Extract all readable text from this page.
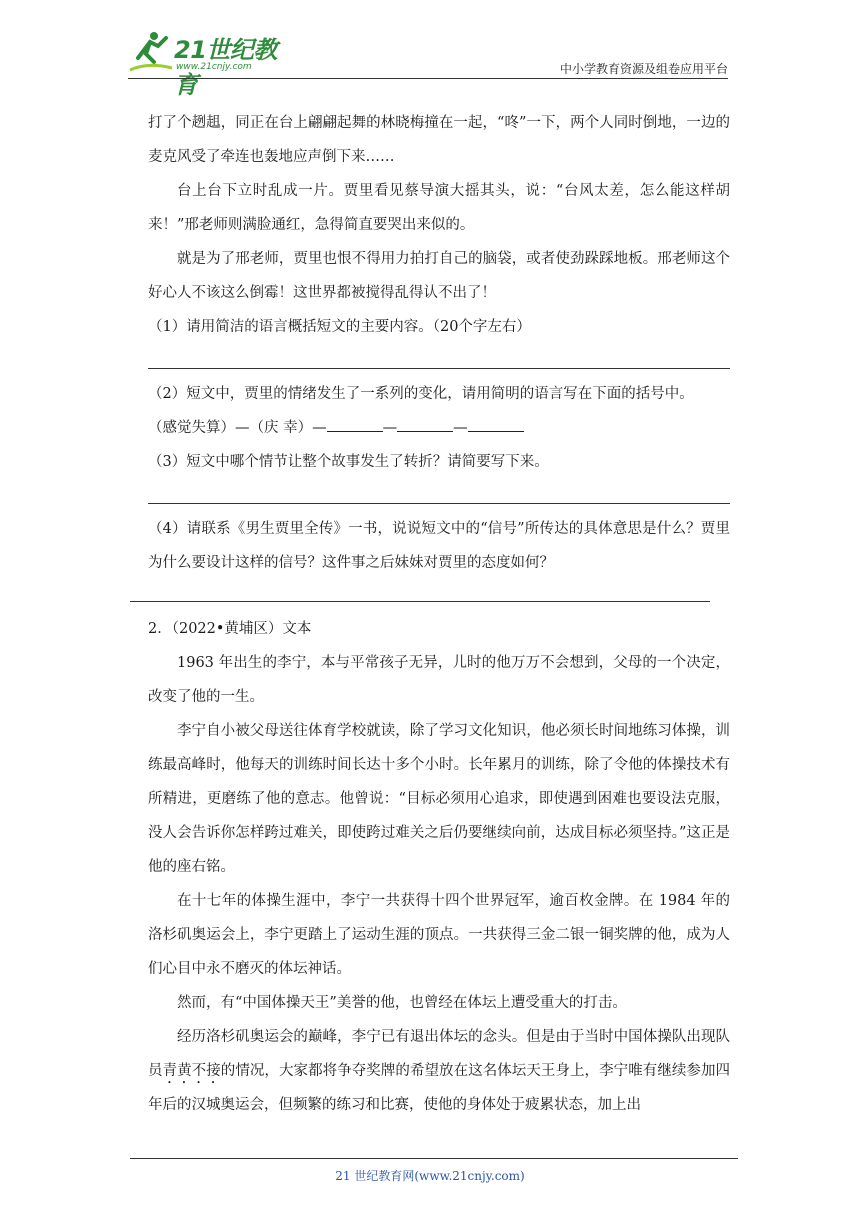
21世纪教育
www.21cnjy.com	中小学教育资源及组卷应用平台

打了个趔趄，同正在台上翩翩起舞的林晓梅撞在一起，“咚”一下，两个人同时倒地，一边的麦克风受了牵连也轰地应声倒下来……

台上台下立时乱成一片。贾里看见蔡导演大摇其头，说：“台风太差，怎么能这样胡来！”邢老师则满脸通红，急得简直要哭出来似的。

就是为了邢老师，贾里也恨不得用力拍打自己的脑袋，或者使劲跺踩地板。邢老师这个好心人不该这么倒霉！这世界都被搅得乱得认不出了！

（1）请用简洁的语言概括短文的主要内容。（20个字左右）

（2）短文中，贾里的情绪发生了一系列的变化，请用简明的语言写在下面的括号中。

（感觉失算）—（庆 幸）—	—	—

（3）短文中哪个情节让整个故事发生了转折？请简要写下来。

（4）请联系《男生贾里全传》一书，说说短文中的“信号”所传达的具体意思是什么？贾里为什么要设计这样的信号？这件事之后妹妹对贾里的态度如何？

2．（2022•黄埔区）文本

1963 年出生的李宁，本与平常孩子无异，儿时的他万万不会想到，父母的一个决定，改变了他的一生。

李宁自小被父母送往体育学校就读，除了学习文化知识，他必须长时间地练习体操，训练最高峰时，他每天的训练时间长达十多个小时。长年累月的训练，除了令他的体操技术有所精进，更磨练了他的意志。他曾说：“目标必须用心追求，即使遇到困难也要设法克服，没人会告诉你怎样跨过难关，即使跨过难关之后仍要继续向前，达成目标必须坚持。”这正是他的座右铭。

在十七年的体操生涯中，李宁一共获得十四个世界冠军，逾百枚金牌。在 1984 年的洛杉矶奥运会上，李宁更踏上了运动生涯的顶点。一共获得三金二银一铜奖牌的他，成为人们心目中永不磨灭的体坛神话。

然而，有“中国体操天王”美誉的他，也曾经在体坛上遭受重大的打击。

经历洛杉矶奥运会的巅峰，李宁已有退出体坛的念头。但是由于当时中国体操队出现队员青黄不接的情况，大家都将争夺奖牌的希望放在这名体坛天王身上，李宁唯有继续参加四年后的汉城奥运会，但频繁的练习和比赛，使他的身体处于疲累状态，加上出

21 世纪教育网(www.21cnjy.com)
